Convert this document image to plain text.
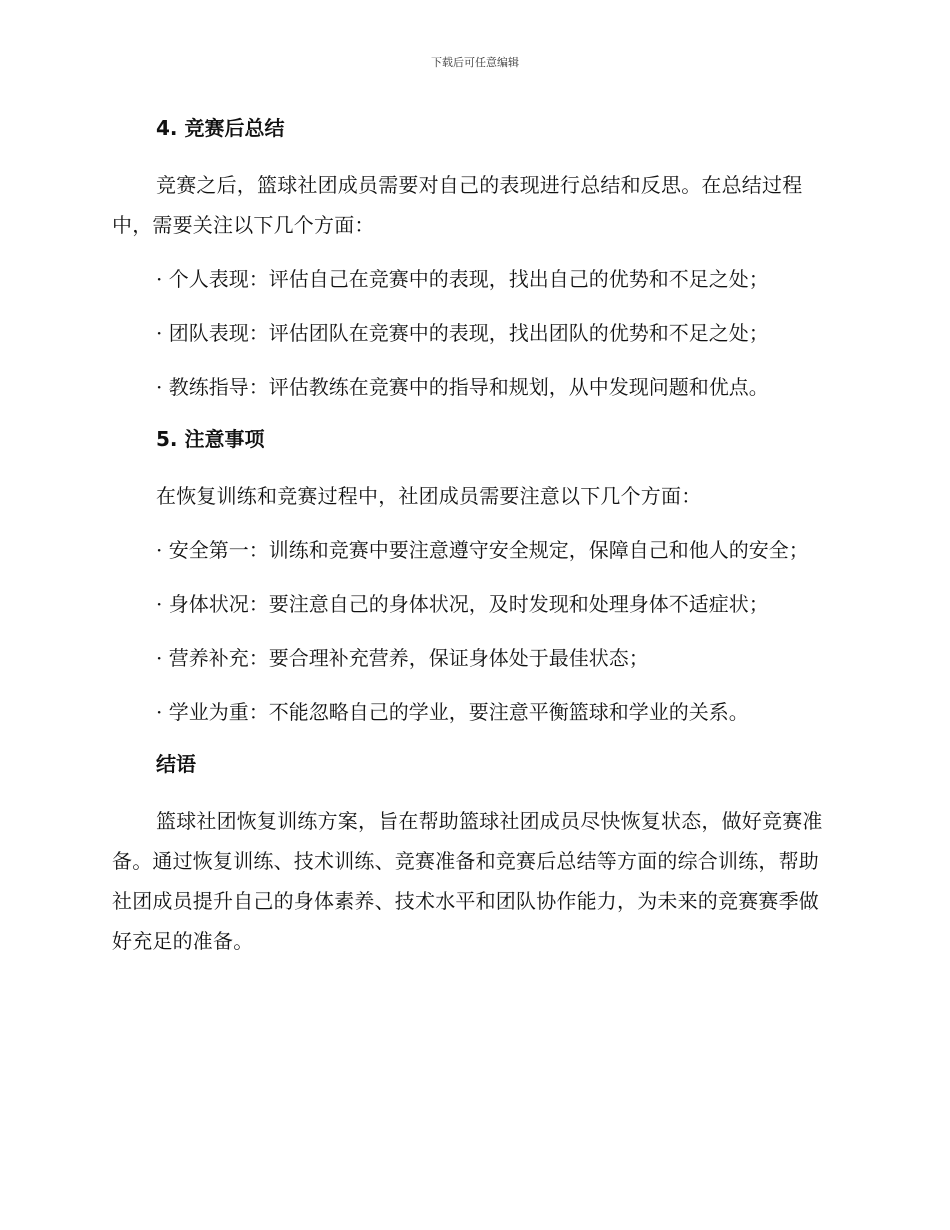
下载后可任意编辑
4. 竞赛后总结
竞赛之后，篮球社团成员需要对自己的表现进行总结和反思。在总结过程中，需要关注以下几个方面：
· 个人表现：评估自己在竞赛中的表现，找出自己的优势和不足之处；
· 团队表现：评估团队在竞赛中的表现，找出团队的优势和不足之处；
· 教练指导：评估教练在竞赛中的指导和规划，从中发现问题和优点。
5. 注意事项
在恢复训练和竞赛过程中，社团成员需要注意以下几个方面：
· 安全第一：训练和竞赛中要注意遵守安全规定，保障自己和他人的安全；
· 身体状况：要注意自己的身体状况，及时发现和处理身体不适症状；
· 营养补充：要合理补充营养，保证身体处于最佳状态；
· 学业为重：不能忽略自己的学业，要注意平衡篮球和学业的关系。
结语
篮球社团恢复训练方案，旨在帮助篮球社团成员尽快恢复状态，做好竞赛准备。通过恢复训练、技术训练、竞赛准备和竞赛后总结等方面的综合训练，帮助社团成员提升自己的身体素养、技术水平和团队协作能力，为未来的竞赛赛季做好充足的准备。
